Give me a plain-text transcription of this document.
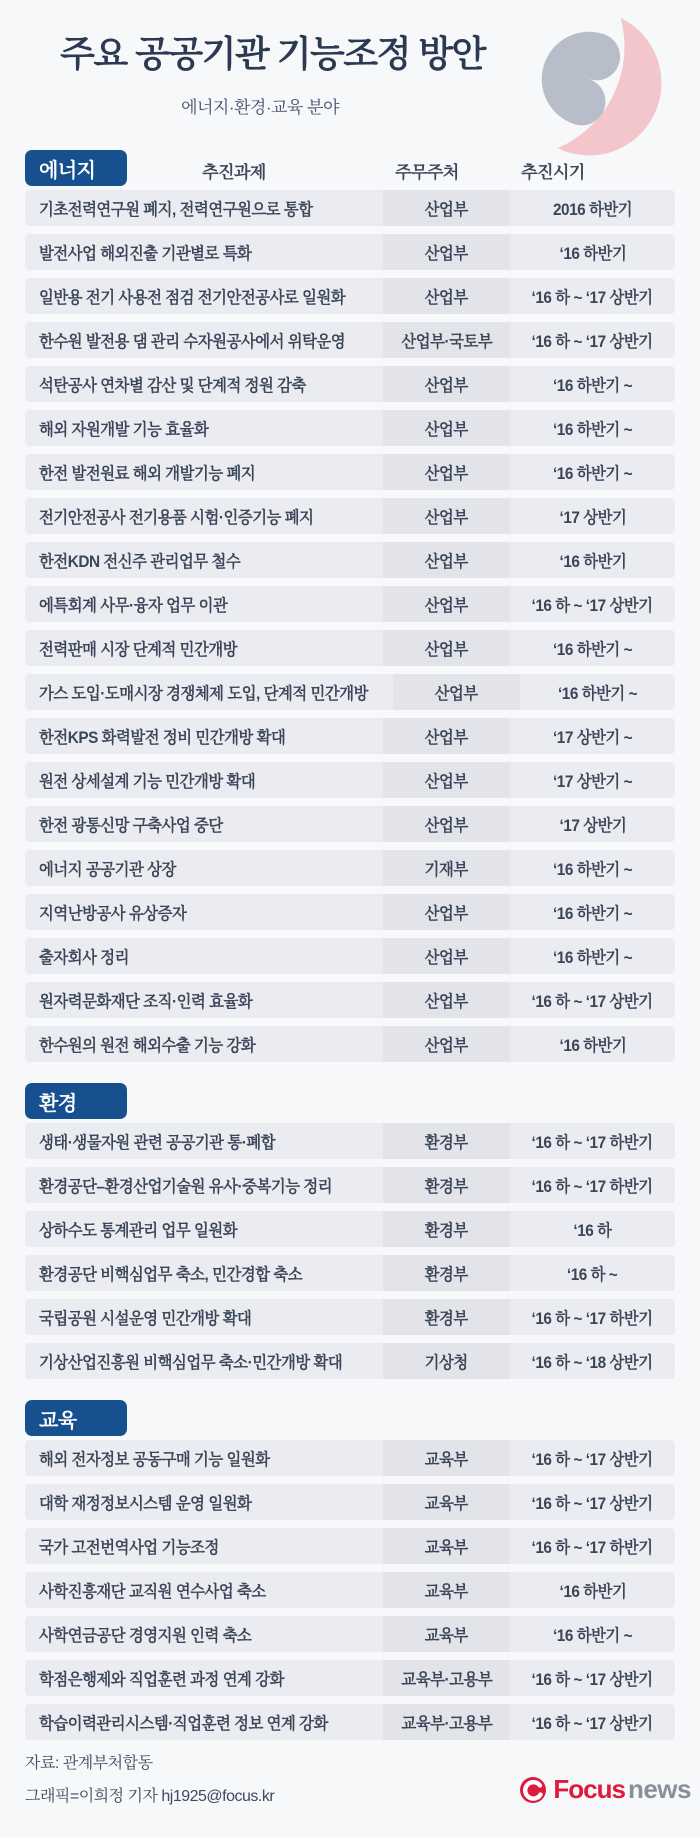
주요 공공기관 기능조정 방안
에너지·환경·교육 분야
에너지	추진과제	주무주처	추진시기
기초전력연구원 폐지, 전력연구원으로 통합	산업부	2016 하반기
발전사업 해외진출 기관별로 특화	산업부	‘16 하반기
일반용 전기 사용전 점검 전기안전공사로 일원화	산업부	‘16 하 ~ ‘17 상반기
한수원 발전용 댐 관리 수자원공사에서 위탁운영	산업부·국토부 ‘16 하 ~ ‘17 상반기
석탄공사 연차별 감산 및 단계적 정원 감축	산업부	‘16 하반기 ~
해외 자원개발 기능 효율화	산업부	‘16 하반기 ~
한전 발전원료 해외 개발기능 폐지	산업부	‘16 하반기 ~
전기안전공사 전기용품 시험·인증기능 폐지	산업부	‘17 상반기
한전KDN 전신주 관리업무 철수	산업부	‘16 하반기
에특회계 사무·융자 업무 이관	산업부	‘16 하 ~ ‘17 상반기
전력판매 시장 단계적 민간개방	산업부	‘16 하반기 ~
가스 도입·도매시장 경쟁체제 도입, 단계적 민간개방	산업부	‘16 하반기 ~
한전KPS 화력발전 정비 민간개방 확대	산업부	‘17 상반기 ~
원전 상세설계 기능 민간개방 확대	산업부	‘17 상반기 ~
한전 광통신망 구축사업 중단	산업부	‘17 상반기
에너지 공공기관 상장	기재부	‘16 하반기 ~
지역난방공사 유상증자	산업부	‘16 하반기 ~
출자회사 정리	산업부	‘16 하반기 ~
원자력문화재단 조직·인력 효율화	산업부	‘16 하 ~ ‘17 상반기
한수원의 원전 해외수출 기능 강화	산업부	‘16 하반기
환경
생태·생물자원 관련 공공기관 통·폐합	환경부	‘16 하 ~ ‘17 하반기
환경공단–환경산업기술원 유사·중복기능 정리	환경부	‘16 하 ~ ‘17 하반기
상하수도 통계관리 업무 일원화	환경부	‘16 하
환경공단 비핵심업무 축소, 민간경합 축소	환경부	‘16 하 ~
국립공원 시설운영 민간개방 확대	환경부	‘16 하 ~ ‘17 하반기
기상산업진흥원 비핵심업무 축소·민간개방 확대	기상청	‘16 하 ~ ‘18 상반기
교육
해외 전자정보 공동구매 기능 일원화	교육부	‘16 하 ~ ‘17 상반기
대학 재정정보시스템 운영 일원화	교육부	‘16 하 ~ ‘17 상반기
국가 고전번역사업 기능조정	교육부	‘16 하 ~ ‘17 하반기
사학진흥재단 교직원 연수사업 축소	교육부	‘16 하반기
사학연금공단 경영지원 인력 축소	교육부	‘16 하반기 ~
학점은행제와 직업훈련 과정 연계 강화	교육부·고용부 ‘16 하 ~ ‘17 상반기
학습이력관리시스템·직업훈련 정보 연계 강화	교육부·고용부 ‘16 하 ~ ‘17 상반기
자료: 관계부처합동
그래픽=이희정 기자 hj1925@focus.kr	Focus news
